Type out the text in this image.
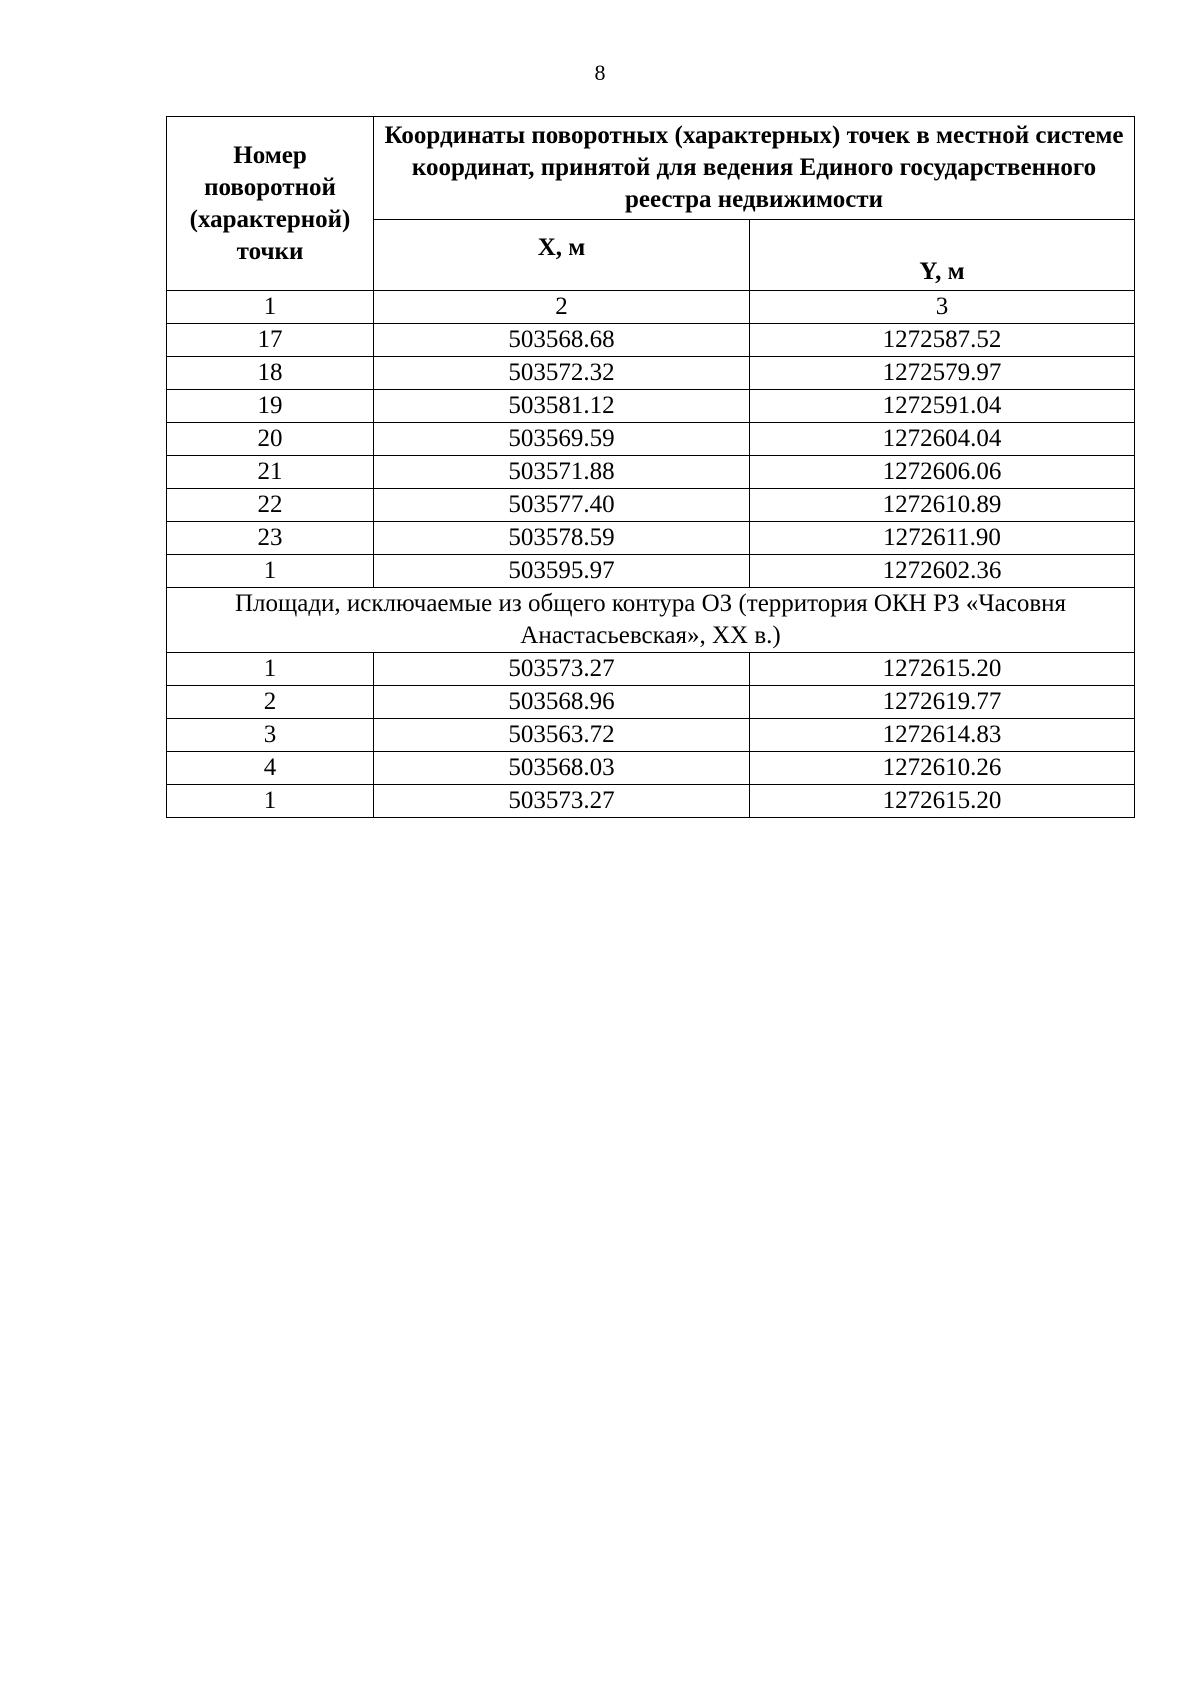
8
Номер поворотной (характерной) точки	Координаты поворотных (характерных) точек в местной системе координат, принятой для ведения Единого государственного реестра недвижимости	
	X, м	Y, м
1	2	3
17	503568.68	1272587.52
18	503572.32	1272579.97
19	503581.12	1272591.04
20	503569.59	1272604.04
21	503571.88	1272606.06
22	503577.40	1272610.89
23	503578.59	1272611.90
1	503595.97	1272602.36
Площади, исключаемые из общего контура ОЗ (территория ОКН РЗ «Часовня Анастасьевская», XX в.)		
1	503573.27	1272615.20
2	503568.96	1272619.77
3	503563.72	1272614.83
4	503568.03	1272610.26
1	503573.27	1272615.20
